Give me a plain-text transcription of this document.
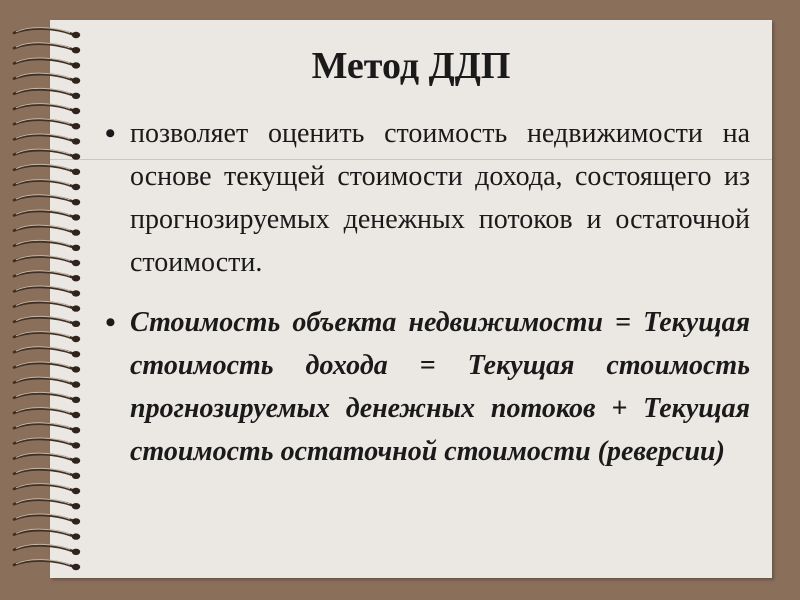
Метод ДДП
• позволяет оценить стоимость недвижимости на основе текущей стоимости дохода, состоящего из прогнозируемых денежных потоков и остаточной стоимости.
• Стоимость объекта недвижимости = Текущая стоимость дохода = Текущая стоимость прогнозируемых денежных потоков + Текущая стоимость остаточной стоимости (реверсии)
